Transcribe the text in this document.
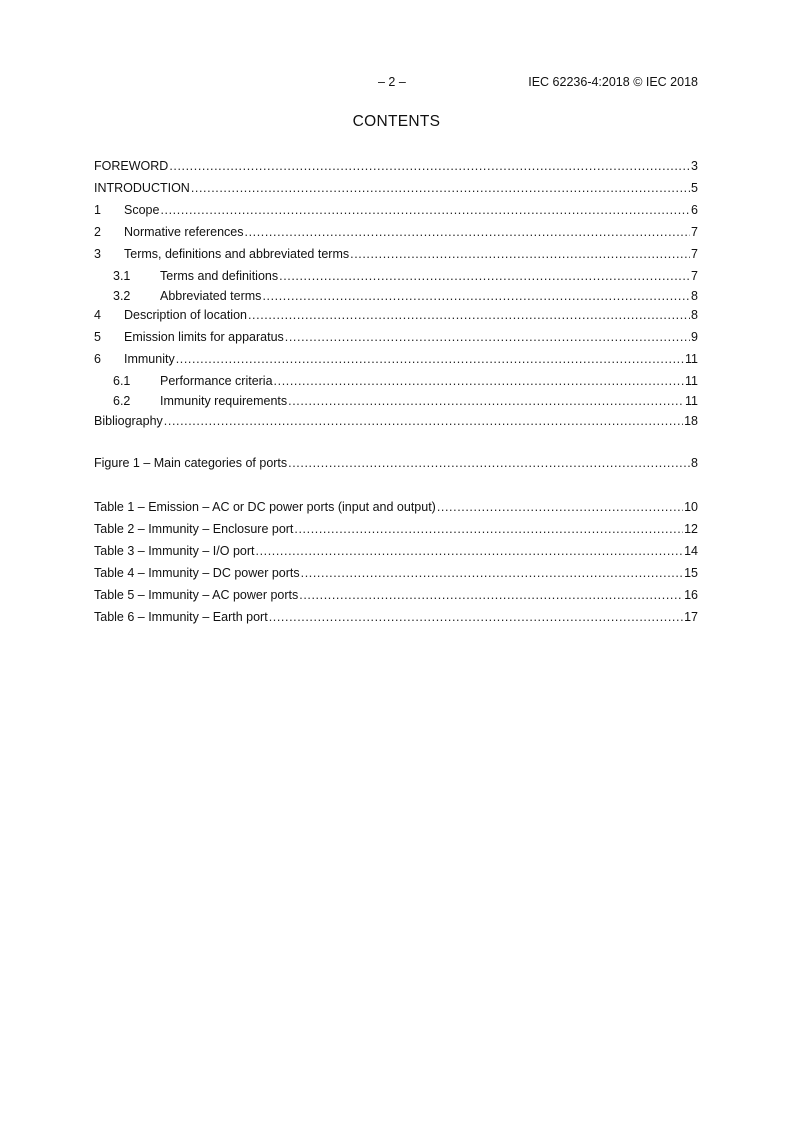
– 2 –	IEC 62236-4:2018 © IEC 2018
CONTENTS
FOREWORD .....	3
INTRODUCTION .....	5
1	Scope .....	6
2	Normative references .....	7
3	Terms, definitions and abbreviated terms .....	7
3.1	Terms and definitions .....	7
3.2	Abbreviated terms .....	8
4	Description of location .....	8
5	Emission limits for apparatus .....	9
6	Immunity .....	11
6.1	Performance criteria .....	11
6.2	Immunity requirements .....	11
Bibliography .....	18
Figure 1 – Main categories of ports .....	8
Table 1 – Emission – AC or DC power ports (input and output) .....	10
Table 2 – Immunity – Enclosure port .....	12
Table 3 – Immunity – I/O port .....	14
Table 4 – Immunity – DC power ports .....	15
Table 5 – Immunity – AC power ports .....	16
Table 6 – Immunity – Earth port .....	17
